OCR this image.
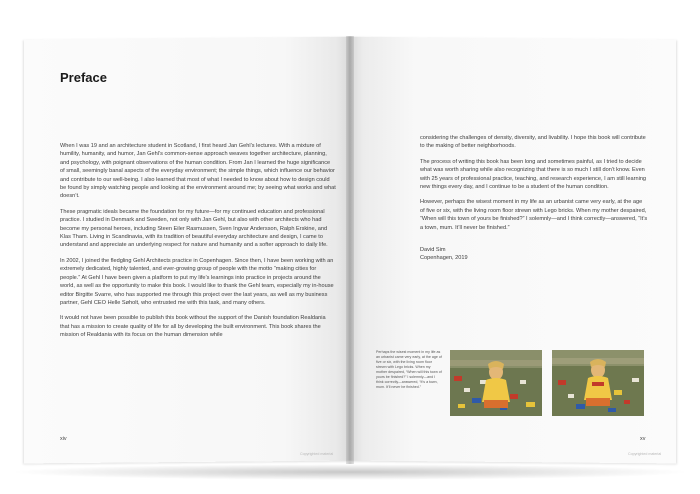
Preface

When I was 19 and an architecture student in Scotland, I first heard Jan Gehl’s lectures. With a mixture of humility, humanity, and humor, Jan Gehl’s common-sense approach weaves together architecture, planning, and psychology, with poignant observations of the human condition. From Jan I learned the huge significance of small, seemingly banal aspects of the everyday environment; the simple things, which influence our behavior and contribute to our well-being. I also learned that most of what I needed to know about how to design could be found by simply watching people and looking at the environment around me; by seeing what works and what doesn’t.

These pragmatic ideals became the foundation for my future—for my continued education and professional practice. I studied in Denmark and Sweden, not only with Jan Gehl, but also with other architects who had become my personal heroes, including Steen Eiler Rasmussen, Sven Ingvar Andersson, Ralph Erskine, and Klas Tham. Living in Scandinavia, with its tradition of beautiful everyday architecture and design, I came to understand and appreciate an underlying respect for nature and humanity and a softer approach to daily life.

In 2002, I joined the fledgling Gehl Architects practice in Copenhagen. Since then, I have been working with an extremely dedicated, highly talented, and ever-growing group of people with the motto “making cities for people.” At Gehl I have been given a platform to put my life’s learnings into practice in projects around the world, as well as the opportunity to make this book. I would like to thank the Gehl team, especially my in-house editor Birgitte Svarre, who has supported me through this project over the last years, as well as my business partner, Gehl CEO Helle Søholt, who entrusted me with this task, and many others.

It would not have been possible to publish this book without the support of the Danish foundation Realdania that has a mission to create quality of life for all by developing the built environment. This book shares the mission of Realdania with its focus on the human dimension while

considering the challenges of density, diversity, and livability. I hope this book will contribute to the making of better neighborhoods.

The process of writing this book has been long and sometimes painful, as I tried to decide what was worth sharing while also recognizing that there is so much I still don’t know. Even with 25 years of professional practice, teaching, and research experience, I am still learning new things every day, and I continue to be a student of the human condition.

However, perhaps the wisest moment in my life as an urbanist came very early, at the age of five or six, with the living room floor strewn with Lego bricks. When my mother despaired, “When will this town of yours be finished?” I solemnly—and I think correctly—answered, “It’s a town, mum. It’ll never be finished.”

David Sim

Copenhagen, 2019

Perhaps the wisest moment in my life as an urbanist came very early, at the age of five or six, with the living room floor strewn with Lego bricks. When my mother despaired, “When will this town of yours be finished?” I solemnly—and I think correctly—answered, “It’s a town, mum. It’ll never be finished.”
xiv	xv
Copyrighted material	Copyrighted material
